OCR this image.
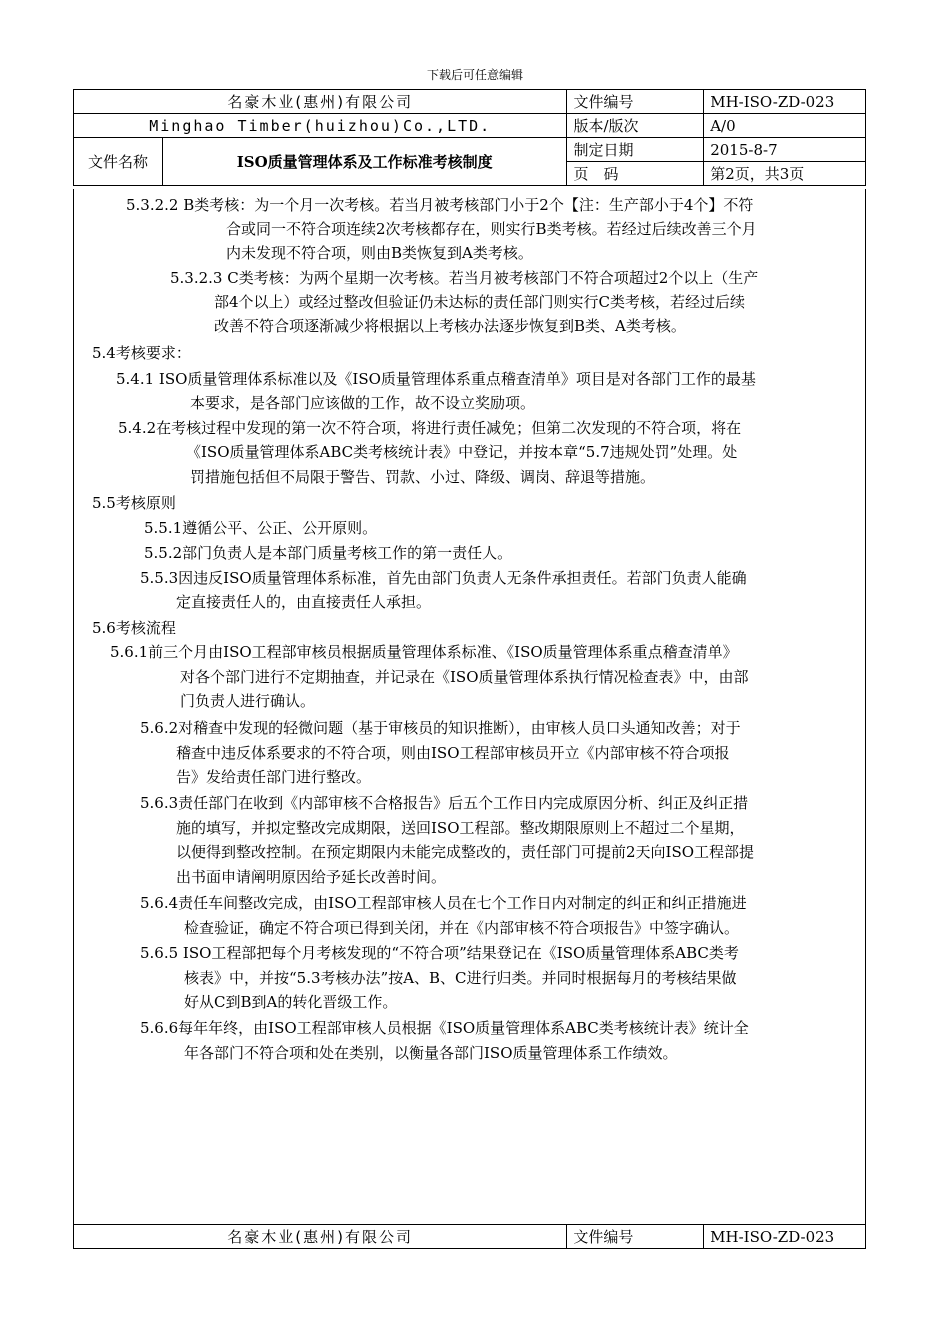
下载后可任意编辑
名豪木业(惠州)有限公司		文件编号	MH-ISO-ZD-023
Minghao Timber(huizhou)Co.,LTD.		版本/版次	A/0
文件名称	ISO质量管理体系及工作标准考核制度	制定日期	2015-8-7
		页　码	第2页，共3页
5.3.2.2 B类考核：为一个月一次考核。若当月被考核部门小于2个【注：生产部小于4个】不符
合或同一不符合项连续2次考核都存在，则实行B类考核。若经过后续改善三个月
内未发现不符合项，则由B类恢复到A类考核。
5.3.2.3 C类考核：为两个星期一次考核。若当月被考核部门不符合项超过2个以上（生产
部4个以上）或经过整改但验证仍未达标的责任部门则实行C类考核，若经过后续
改善不符合项逐渐减少将根据以上考核办法逐步恢复到B类、A类考核。
5.4考核要求：
5.4.1 ISO质量管理体系标准以及《ISO质量管理体系重点稽查清单》项目是对各部门工作的最基
本要求，是各部门应该做的工作，故不设立奖励项。
5.4.2在考核过程中发现的第一次不符合项，将进行责任减免；但第二次发现的不符合项，将在
《ISO质量管理体系ABC类考核统计表》中登记，并按本章“5.7违规处罚”处理。处
罚措施包括但不局限于警告、罚款、小过、降级、调岗、辞退等措施。
5.5考核原则
5.5.1遵循公平、公正、公开原则。
5.5.2部门负责人是本部门质量考核工作的第一责任人。
5.5.3因违反ISO质量管理体系标准，首先由部门负责人无条件承担责任。若部门负责人能确
定直接责任人的，由直接责任人承担。
5.6考核流程
5.6.1前三个月由ISO工程部审核员根据质量管理体系标准、《ISO质量管理体系重点稽查清单》
对各个部门进行不定期抽查，并记录在《ISO质量管理体系执行情况检查表》中，由部
门负责人进行确认。
5.6.2对稽查中发现的轻微问题（基于审核员的知识推断），由审核人员口头通知改善；对于
稽查中违反体系要求的不符合项，则由ISO工程部审核员开立《内部审核不符合项报
告》发给责任部门进行整改。
5.6.3责任部门在收到《内部审核不合格报告》后五个工作日内完成原因分析、纠正及纠正措
施的填写，并拟定整改完成期限，送回ISO工程部。整改期限原则上不超过二个星期，
以便得到整改控制。在预定期限内未能完成整改的，责任部门可提前2天向ISO工程部提
出书面申请阐明原因给予延长改善时间。
5.6.4责任车间整改完成，由ISO工程部审核人员在七个工作日内对制定的纠正和纠正措施进
检查验证，确定不符合项已得到关闭，并在《内部审核不符合项报告》中签字确认。
5.6.5 ISO工程部把每个月考核发现的“不符合项”结果登记在《ISO质量管理体系ABC类考
核表》中，并按“5.3考核办法”按A、B、C进行归类。并同时根据每月的考核结果做
好从C到B到A的转化晋级工作。
5.6.6每年年终，由ISO工程部审核人员根据《ISO质量管理体系ABC类考核统计表》统计全
年各部门不符合项和处在类别，以衡量各部门ISO质量管理体系工作绩效。
名豪木业(惠州)有限公司	文件编号	MH-ISO-ZD-023
